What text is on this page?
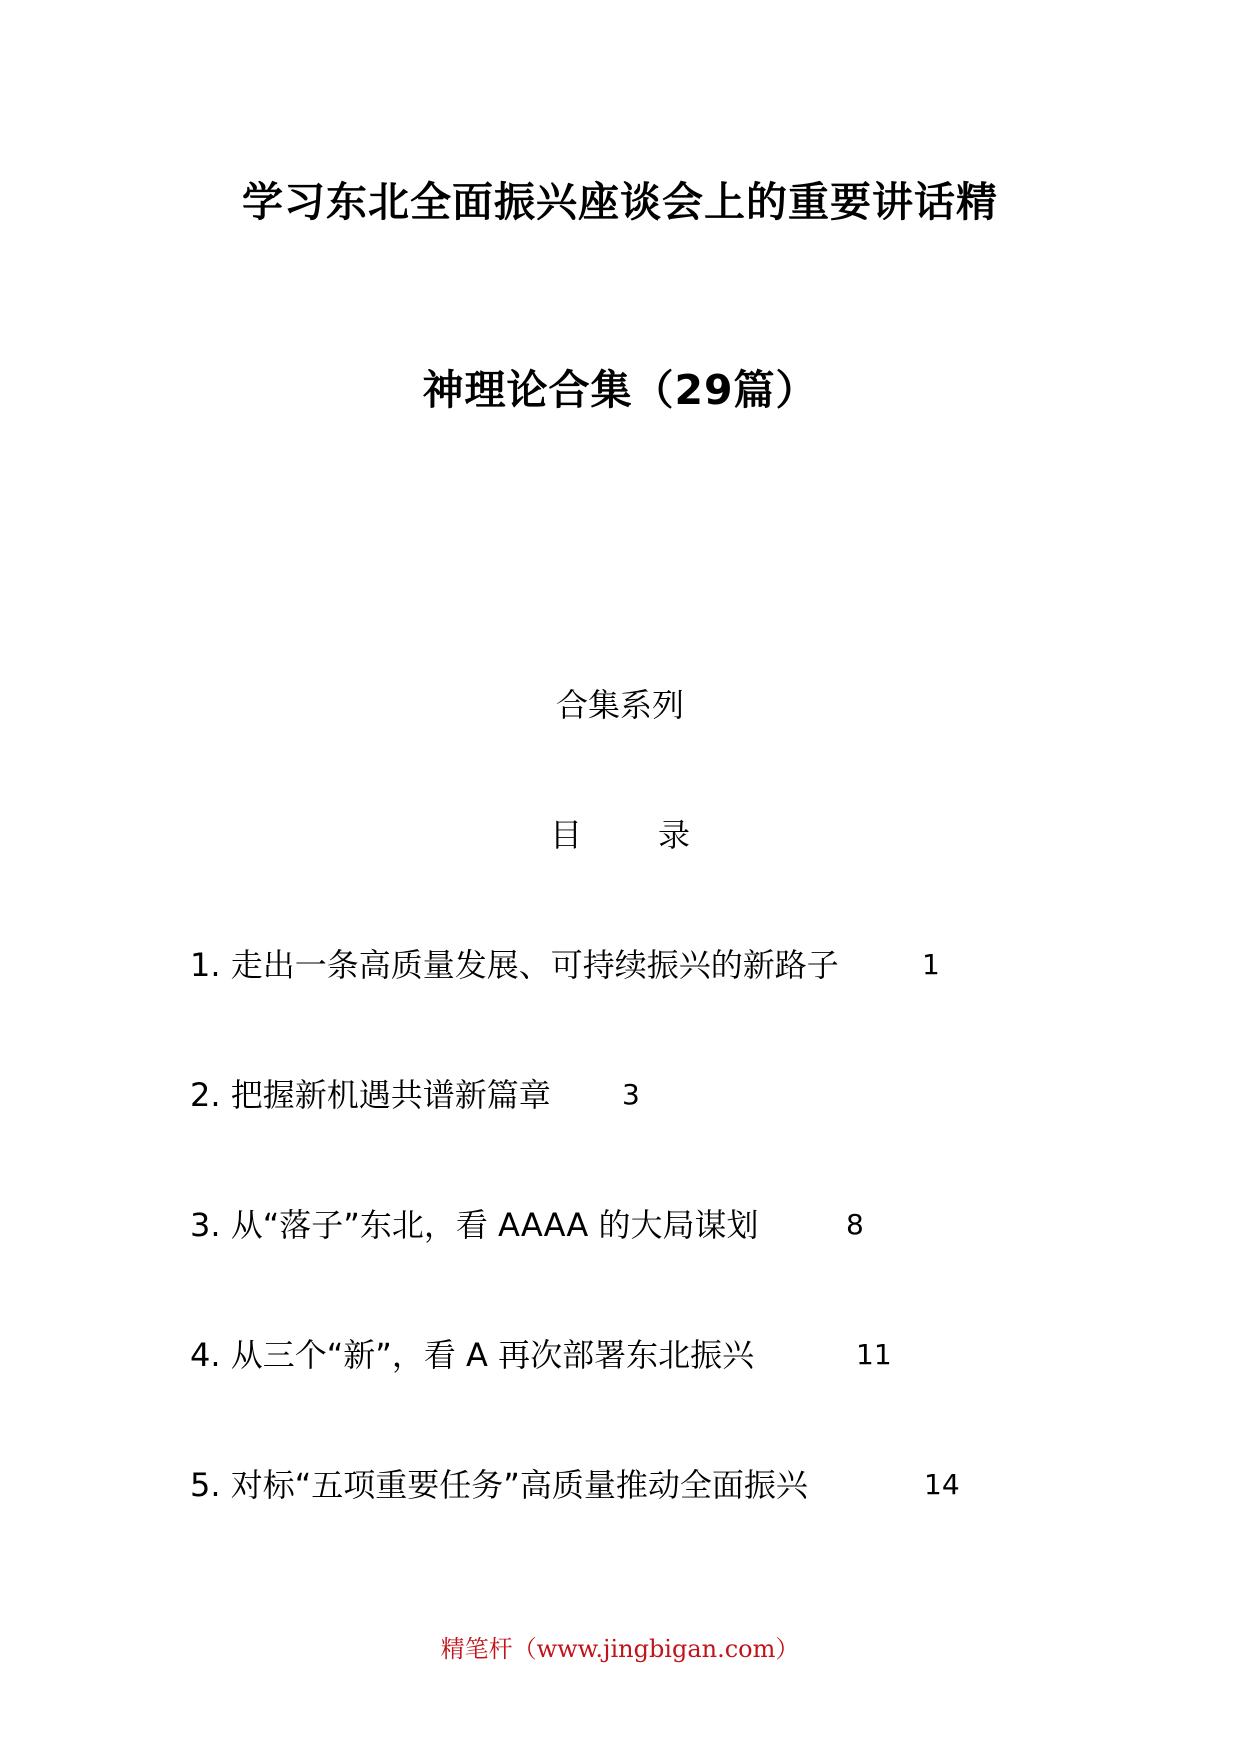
学习东北全面振兴座谈会上的重要讲话精
神理论合集（29篇）
合集系列
目 录
1. 走出一条高质量发展、可持续振兴的新路子	1
2. 把握新机遇共谱新篇章	3
3. 从“落子”东北，看 AAAA 的大局谋划	8
4. 从三个“新”，看 A 再次部署东北振兴	11
5. 对标“五项重要任务”高质量推动全面振兴	14
精笔杆（www.jingbigan.com）
